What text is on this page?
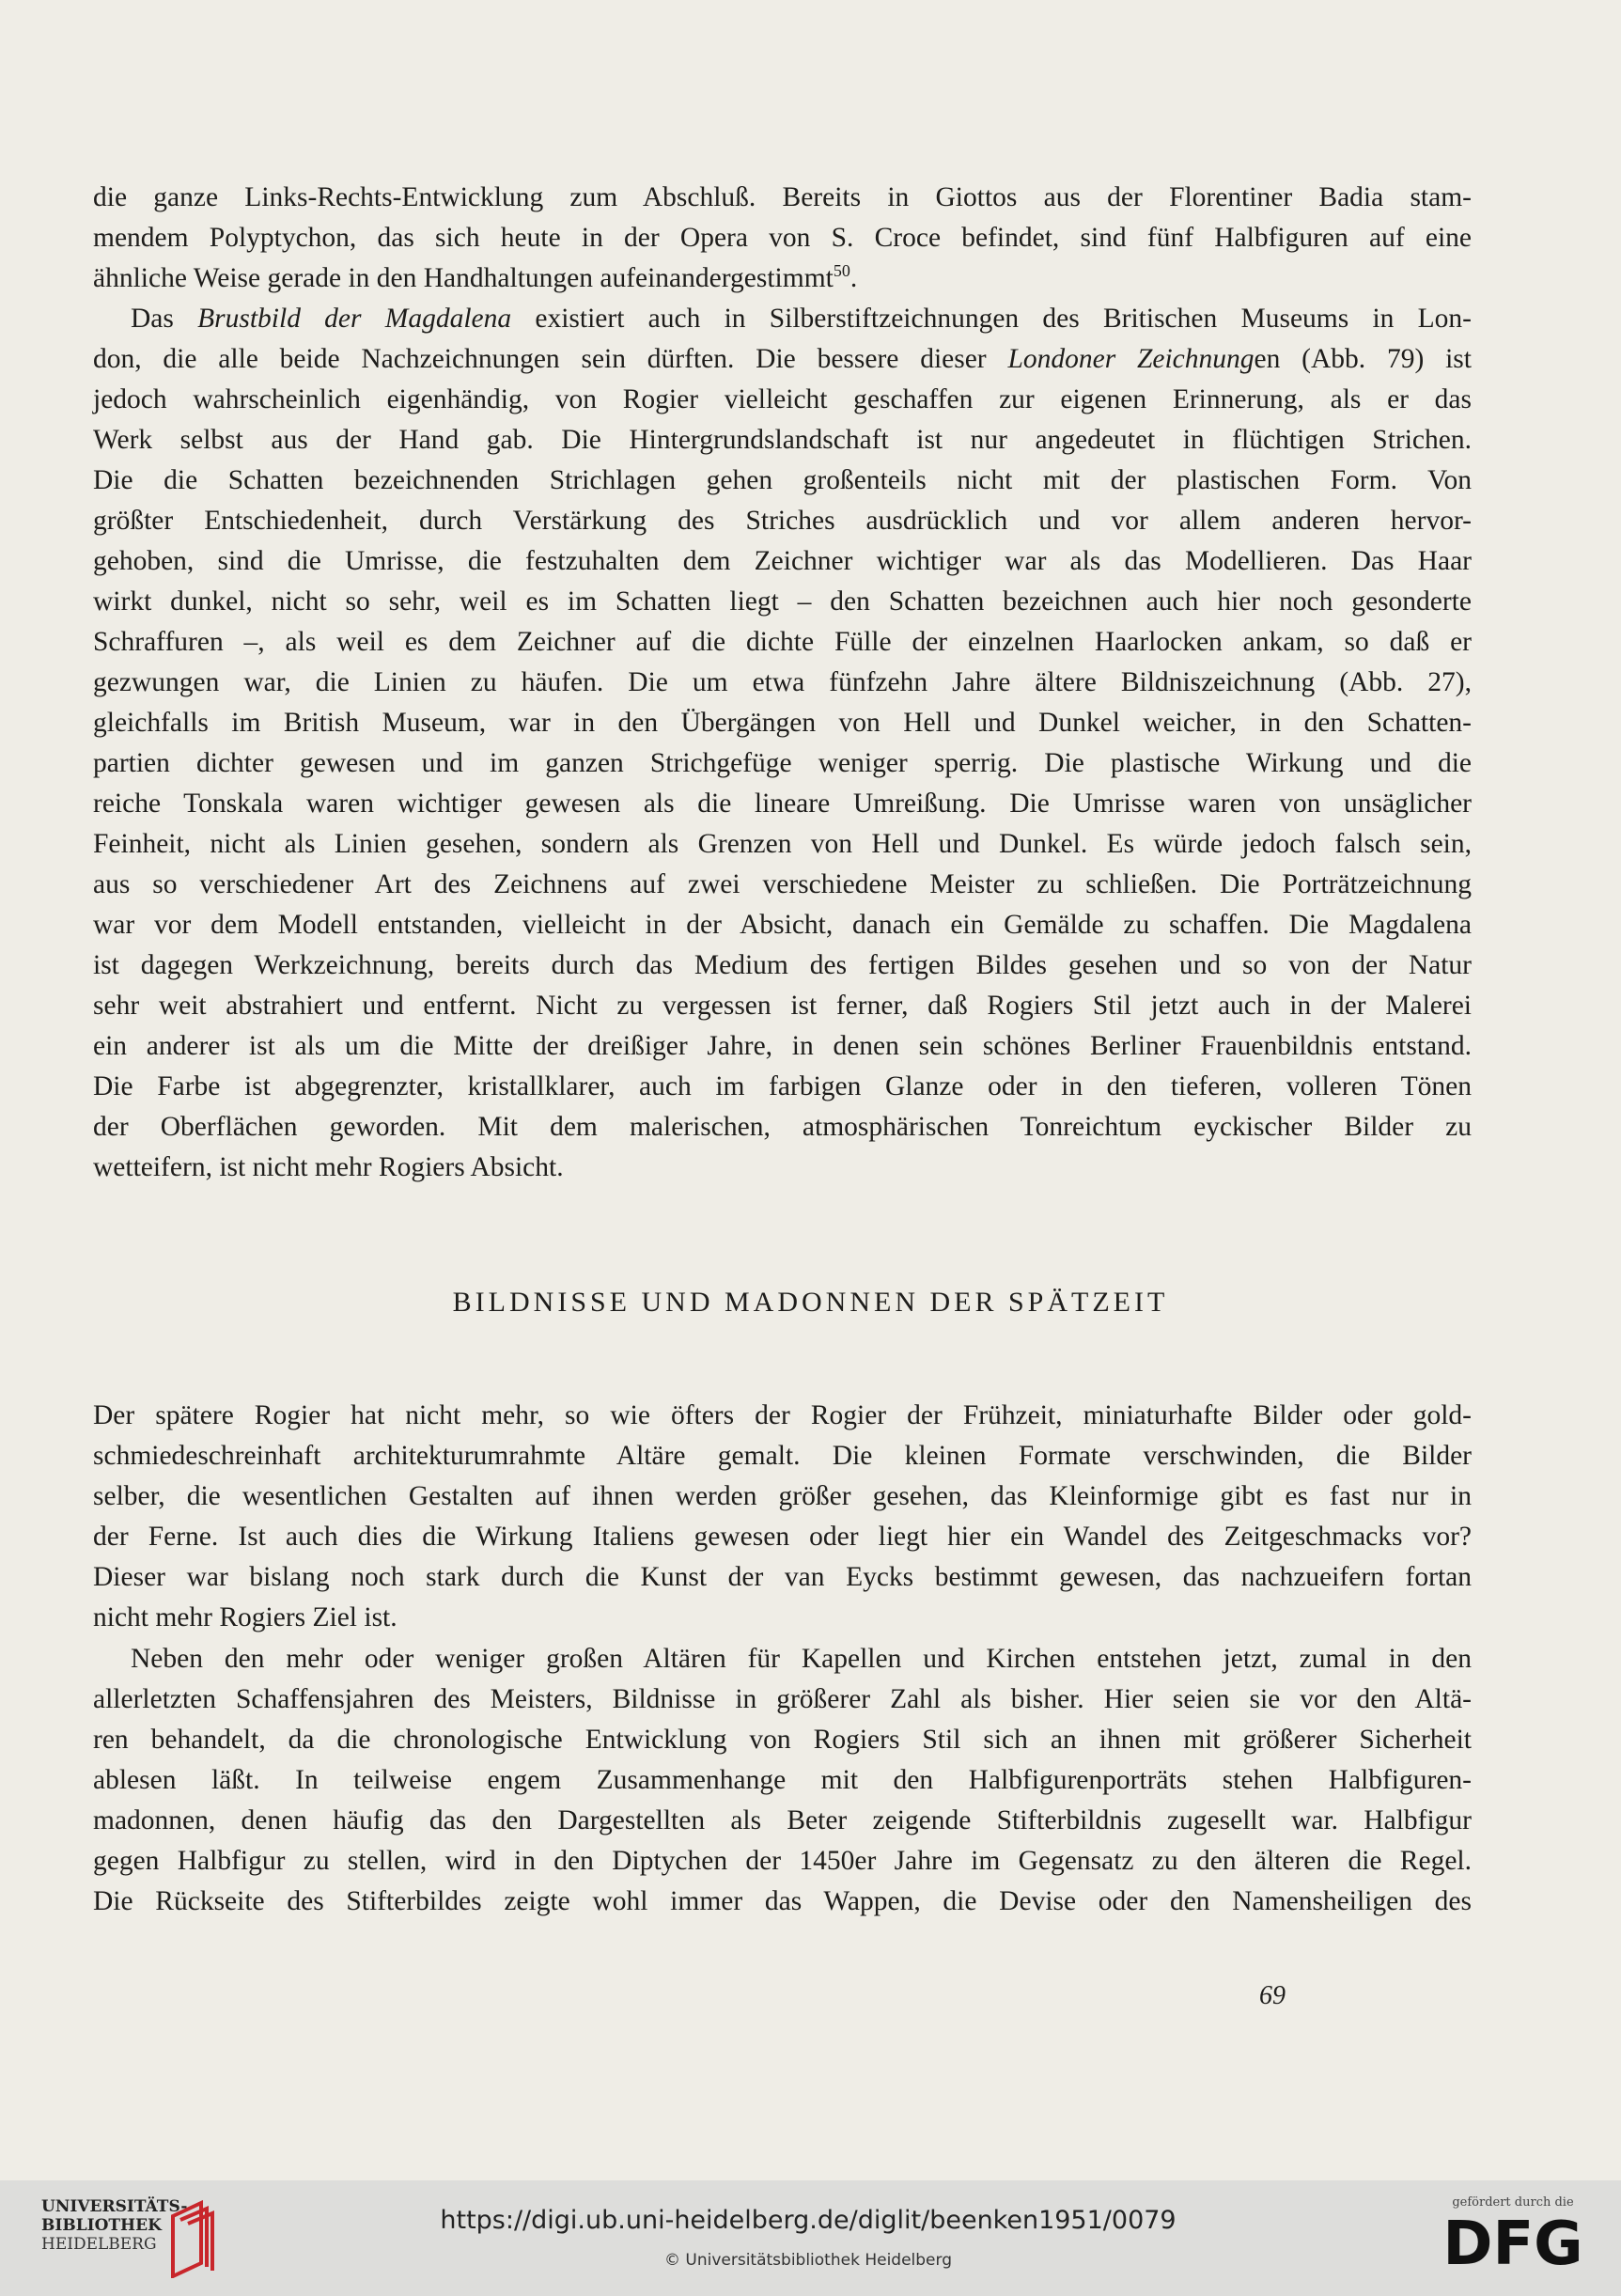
die ganze Links-Rechts-Entwicklung zum Abschluß. Bereits in Giottos aus der Florentiner Badia stam-
mendem Polyptychon, das sich heute in der Opera von S. Croce befindet, sind fünf Halbfiguren auf eine
ähnliche Weise gerade in den Handhaltungen aufeinandergestimmt$^{50}$.
Das Brustbild der Magdalena existiert auch in Silberstiftzeichnungen des Britischen Museums in Lon-
don, die alle beide Nachzeichnungen sein dürften. Die bessere dieser Londoner Zeichnungen (Abb. 79) ist
jedoch wahrscheinlich eigenhändig, von Rogier vielleicht geschaffen zur eigenen Erinnerung, als er das
Werk selbst aus der Hand gab. Die Hintergrundslandschaft ist nur angedeutet in flüchtigen Strichen.
Die die Schatten bezeichnenden Strichlagen gehen großenteils nicht mit der plastischen Form. Von
größter Entschiedenheit, durch Verstärkung des Striches ausdrücklich und vor allem anderen hervor-
gehoben, sind die Umrisse, die festzuhalten dem Zeichner wichtiger war als das Modellieren. Das Haar
wirkt dunkel, nicht so sehr, weil es im Schatten liegt – den Schatten bezeichnen auch hier noch gesonderte
Schraffuren –, als weil es dem Zeichner auf die dichte Fülle der einzelnen Haarlocken ankam, so daß er
gezwungen war, die Linien zu häufen. Die um etwa fünfzehn Jahre ältere Bildniszeichnung (Abb. 27),
gleichfalls im British Museum, war in den Übergängen von Hell und Dunkel weicher, in den Schatten-
partien dichter gewesen und im ganzen Strichgefüge weniger sperrig. Die plastische Wirkung und die
reiche Tonskala waren wichtiger gewesen als die lineare Umreißung. Die Umrisse waren von unsäglicher
Feinheit, nicht als Linien gesehen, sondern als Grenzen von Hell und Dunkel. Es würde jedoch falsch sein,
aus so verschiedener Art des Zeichnens auf zwei verschiedene Meister zu schließen. Die Porträtzeichnung
war vor dem Modell entstanden, vielleicht in der Absicht, danach ein Gemälde zu schaffen. Die Magdalena
ist dagegen Werkzeichnung, bereits durch das Medium des fertigen Bildes gesehen und so von der Natur
sehr weit abstrahiert und entfernt. Nicht zu vergessen ist ferner, daß Rogiers Stil jetzt auch in der Malerei
ein anderer ist als um die Mitte der dreißiger Jahre, in denen sein schönes Berliner Frauenbildnis entstand.
Die Farbe ist abgegrenzter, kristallklarer, auch im farbigen Glanze oder in den tieferen, volleren Tönen
der Oberflächen geworden. Mit dem malerischen, atmosphärischen Tonreichtum eyckischer Bilder zu
wetteifern, ist nicht mehr Rogiers Absicht.
BILDNISSE UND MADONNEN DER SPÄTZEIT
Der spätere Rogier hat nicht mehr, so wie öfters der Rogier der Frühzeit, miniaturhafte Bilder oder gold-
schmiedeschreinhaft architekturumrahmte Altäre gemalt. Die kleinen Formate verschwinden, die Bilder
selber, die wesentlichen Gestalten auf ihnen werden größer gesehen, das Kleinformige gibt es fast nur in
der Ferne. Ist auch dies die Wirkung Italiens gewesen oder liegt hier ein Wandel des Zeitgeschmacks vor?
Dieser war bislang noch stark durch die Kunst der van Eycks bestimmt gewesen, das nachzueifern fortan
nicht mehr Rogiers Ziel ist.
Neben den mehr oder weniger großen Altären für Kapellen und Kirchen entstehen jetzt, zumal in den
allerletzten Schaffensjahren des Meisters, Bildnisse in größerer Zahl als bisher. Hier seien sie vor den Altä-
ren behandelt, da die chronologische Entwicklung von Rogiers Stil sich an ihnen mit größerer Sicherheit
ablesen läßt. In teilweise engem Zusammenhange mit den Halbfigurenporträts stehen Halbfiguren-
madonnen, denen häufig das den Dargestellten als Beter zeigende Stifterbildnis zugesellt war. Halbfigur
gegen Halbfigur zu stellen, wird in den Diptychen der 1450er Jahre im Gegensatz zu den älteren die Regel.
Die Rückseite des Stifterbildes zeigte wohl immer das Wappen, die Devise oder den Namensheiligen des
69
UNIVERSITÄTS-
BIBLIOTHEK
HEIDELBERG
https://digi.ub.uni-heidelberg.de/diglit/beenken1951/0079
© Universitätsbibliothek Heidelberg
gefördert durch die
DFG
